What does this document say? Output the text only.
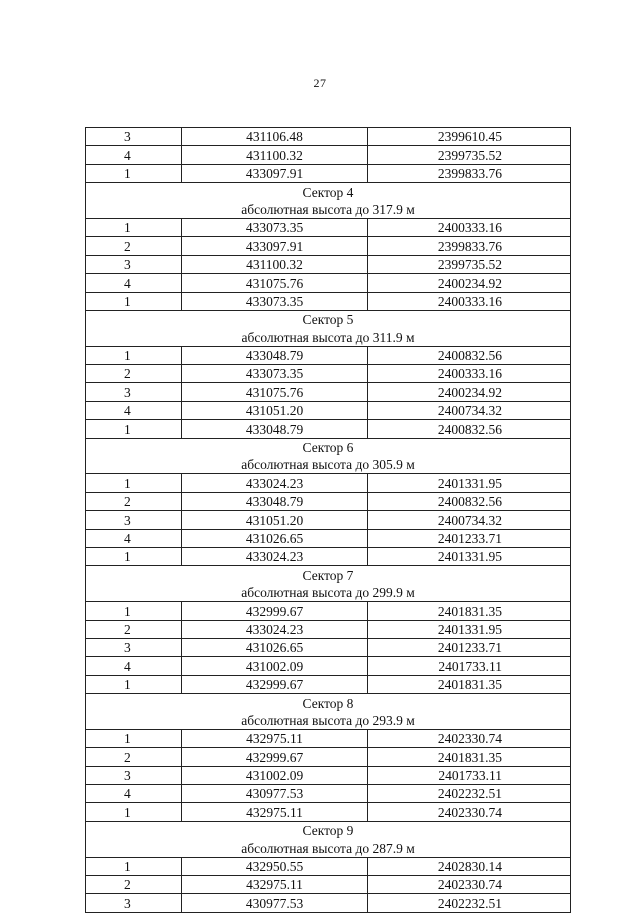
27
3	431106.48	2399610.45
4	431100.32	2399735.52
1	433097.91	2399833.76
Сектор 4		
абсолютная высота до 317.9 м		
1	433073.35	2400333.16
2	433097.91	2399833.76
3	431100.32	2399735.52
4	431075.76	2400234.92
1	433073.35	2400333.16
Сектор 5		
абсолютная высота до 311.9 м		
1	433048.79	2400832.56
2	433073.35	2400333.16
3	431075.76	2400234.92
4	431051.20	2400734.32
1	433048.79	2400832.56
Сектор 6		
абсолютная высота до 305.9 м		
1	433024.23	2401331.95
2	433048.79	2400832.56
3	431051.20	2400734.32
4	431026.65	2401233.71
1	433024.23	2401331.95
Сектор 7		
абсолютная высота до 299.9 м		
1	432999.67	2401831.35
2	433024.23	2401331.95
3	431026.65	2401233.71
4	431002.09	2401733.11
1	432999.67	2401831.35
Сектор 8		
абсолютная высота до 293.9 м		
1	432975.11	2402330.74
2	432999.67	2401831.35
3	431002.09	2401733.11
4	430977.53	2402232.51
1	432975.11	2402330.74
Сектор 9		
абсолютная высота до 287.9 м		
1	432950.55	2402830.14
2	432975.11	2402330.74
3	430977.53	2402232.51
